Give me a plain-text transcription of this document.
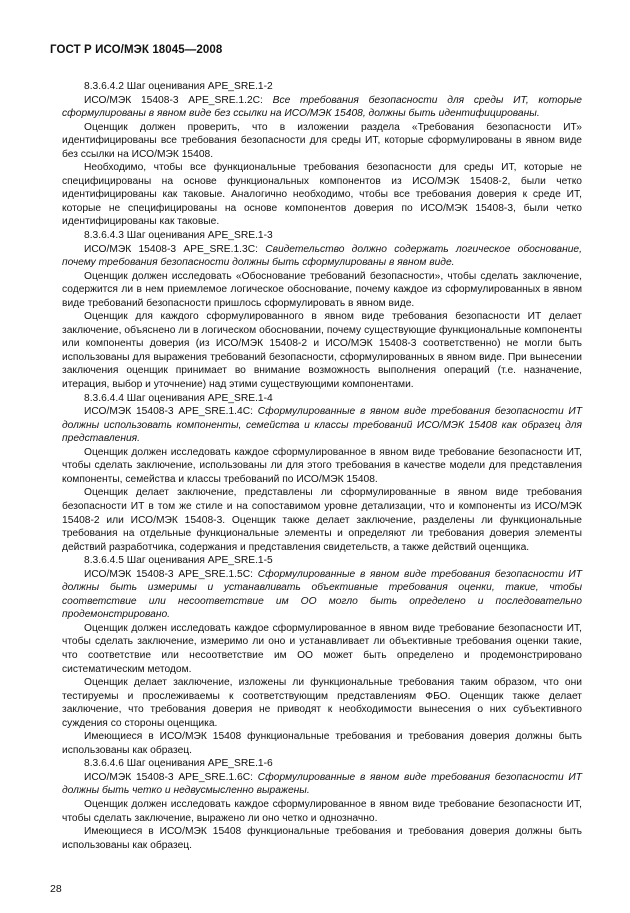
ГОСТ Р ИСО/МЭК 18045—2008

8.3.6.4.2 Шаг оценивания APE_SRE.1-2

ИСО/МЭК 15408-3 APE_SRE.1.2C: Все требования безопасности для среды ИТ, которые сформулированы в явном виде без ссылки на ИСО/МЭК 15408, должны быть идентифицированы.

Оценщик должен проверить, что в изложении раздела «Требования безопасности ИТ» идентифицированы все требования безопасности для среды ИТ, которые сформулированы в явном виде без ссылки на ИСО/МЭК 15408.

Необходимо, чтобы все функциональные требования безопасности для среды ИТ, которые не специфицированы на основе функциональных компонентов из ИСО/МЭК 15408-2, были четко идентифицированы как таковые. Аналогично необходимо, чтобы все требования доверия к среде ИТ, которые не специфицированы на основе компонентов доверия по ИСО/МЭК 15408-3, были четко идентифицированы как таковые.

8.3.6.4.3 Шаг оценивания APE_SRE.1-3

ИСО/МЭК 15408-3 APE_SRE.1.3C: Свидетельство должно содержать логическое обоснование, почему требования безопасности должны быть сформулированы в явном виде.

Оценщик должен исследовать «Обоснование требований безопасности», чтобы сделать заключение, содержится ли в нем приемлемое логическое обоснование, почему каждое из сформулированных в явном виде требований безопасности пришлось сформулировать в явном виде.

Оценщик для каждого сформулированного в явном виде требования безопасности ИТ делает заключение, объяснено ли в логическом обосновании, почему существующие функциональные компоненты или компоненты доверия (из ИСО/МЭК 15408-2 и ИСО/МЭК 15408-3 соответственно) не могли быть использованы для выражения требований безопасности, сформулированных в явном виде. При вынесении заключения оценщик принимает во внимание возможность выполнения операций (т.е. назначение, итерация, выбор и уточнение) над этими существующими компонентами.

8.3.6.4.4 Шаг оценивания APE_SRE.1-4

ИСО/МЭК 15408-3 APE_SRE.1.4C: Сформулированные в явном виде требования безопасности ИТ должны использовать компоненты, семейства и классы требований ИСО/МЭК 15408 как образец для представления.

Оценщик должен исследовать каждое сформулированное в явном виде требование безопасности ИТ, чтобы сделать заключение, использованы ли для этого требования в качестве модели для представления компоненты, семейства и классы требований по ИСО/МЭК 15408.

Оценщик делает заключение, представлены ли сформулированные в явном виде требования безопасности ИТ в том же стиле и на сопоставимом уровне детализации, что и компоненты из ИСО/МЭК 15408-2 или ИСО/МЭК 15408-3. Оценщик также делает заключение, разделены ли функциональные требования на отдельные функциональные элементы и определяют ли требования доверия элементы действий разработчика, содержания и представления свидетельств, а также действий оценщика.

8.3.6.4.5 Шаг оценивания APE_SRE.1-5

ИСО/МЭК 15408-3 APE_SRE.1.5C: Сформулированные в явном виде требования безопасности ИТ должны быть измеримы и устанавливать объективные требования оценки, такие, чтобы соответствие или несоответствие им ОО могло быть определено и последовательно продемонстрировано.

Оценщик должен исследовать каждое сформулированное в явном виде требование безопасности ИТ, чтобы сделать заключение, измеримо ли оно и устанавливает ли объективные требования оценки такие, что соответствие или несоответствие им ОО может быть определено и продемонстрировано систематическим методом.

Оценщик делает заключение, изложены ли функциональные требования таким образом, что они тестируемы и прослеживаемы к соответствующим представлениям ФБО. Оценщик также делает заключение, что требования доверия не приводят к необходимости вынесения о них субъективного суждения со стороны оценщика.

Имеющиеся в ИСО/МЭК 15408 функциональные требования и требования доверия должны быть использованы как образец.

8.3.6.4.6 Шаг оценивания APE_SRE.1-6

ИСО/МЭК 15408-3 APE_SRE.1.6C: Сформулированные в явном виде требования безопасности ИТ должны быть четко и недвусмысленно выражены.

Оценщик должен исследовать каждое сформулированное в явном виде требование безопасности ИТ, чтобы сделать заключение, выражено ли оно четко и однозначно.

Имеющиеся в ИСО/МЭК 15408 функциональные требования и требования доверия должны быть использованы как образец.

28
